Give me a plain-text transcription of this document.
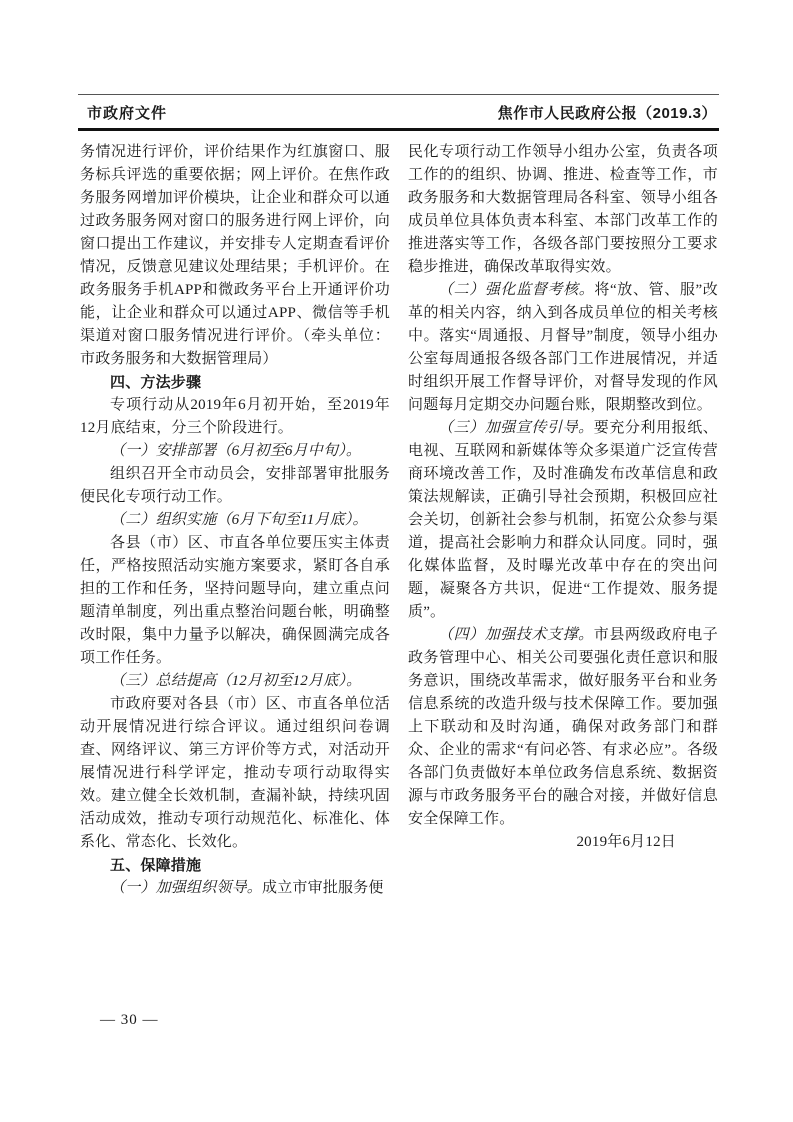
市政府文件	焦作市人民政府公报（2019.3）

务情况进行评价，评价结果作为红旗窗口、服务标兵评选的重要依据；网上评价。在焦作政务服务网增加评价模块，让企业和群众可以通过政务服务网对窗口的服务进行网上评价，向窗口提出工作建议，并安排专人定期查看评价情况，反馈意见建议处理结果；手机评价。在政务服务手机APP和微政务平台上开通评价功能，让企业和群众可以通过APP、微信等手机渠道对窗口服务情况进行评价。（牵头单位：市政务服务和大数据管理局）

四、方法步骤

专项行动从2019年6月初开始，至2019年12月底结束，分三个阶段进行。

（一）安排部署（6月初至6月中旬）。

组织召开全市动员会，安排部署审批服务便民化专项行动工作。

（二）组织实施（6月下旬至11月底）。

各县（市）区、市直各单位要压实主体责任，严格按照活动实施方案要求，紧盯各自承担的工作和任务，坚持问题导向，建立重点问题清单制度，列出重点整治问题台帐，明确整改时限，集中力量予以解决，确保圆满完成各项工作任务。

（三）总结提高（12月初至12月底）。

市政府要对各县（市）区、市直各单位活动开展情况进行综合评议。通过组织问卷调查、网络评议、第三方评价等方式，对活动开展情况进行科学评定，推动专项行动取得实效。建立健全长效机制，查漏补缺，持续巩固活动成效，推动专项行动规范化、标准化、体系化、常态化、长效化。

五、保障措施

（一）加强组织领导。成立市审批服务便

民化专项行动工作领导小组办公室，负责各项工作的的组织、协调、推进、检查等工作，市政务服务和大数据管理局各科室、领导小组各成员单位具体负责本科室、本部门改革工作的推进落实等工作，各级各部门要按照分工要求稳步推进，确保改革取得实效。

（二）强化监督考核。将“放、管、服”改革的相关内容，纳入到各成员单位的相关考核中。落实“周通报、月督导”制度，领导小组办公室每周通报各级各部门工作进展情况，并适时组织开展工作督导评价，对督导发现的作风问题每月定期交办问题台账，限期整改到位。

（三）加强宣传引导。要充分利用报纸、电视、互联网和新媒体等众多渠道广泛宣传营商环境改善工作，及时准确发布改革信息和政策法规解读，正确引导社会预期，积极回应社会关切，创新社会参与机制，拓宽公众参与渠道，提高社会影响力和群众认同度。同时，强化媒体监督，及时曝光改革中存在的突出问题，凝聚各方共识，促进“工作提效、服务提质”。

（四）加强技术支撑。市县两级政府电子政务管理中心、相关公司要强化责任意识和服务意识，围绕改革需求，做好服务平台和业务信息系统的改造升级与技术保障工作。要加强上下联动和及时沟通，确保对政务部门和群众、企业的需求“有问必答、有求必应”。各级各部门负责做好本单位政务信息系统、数据资源与市政务服务平台的融合对接，并做好信息安全保障工作。

2019年6月12日

— 30 —
